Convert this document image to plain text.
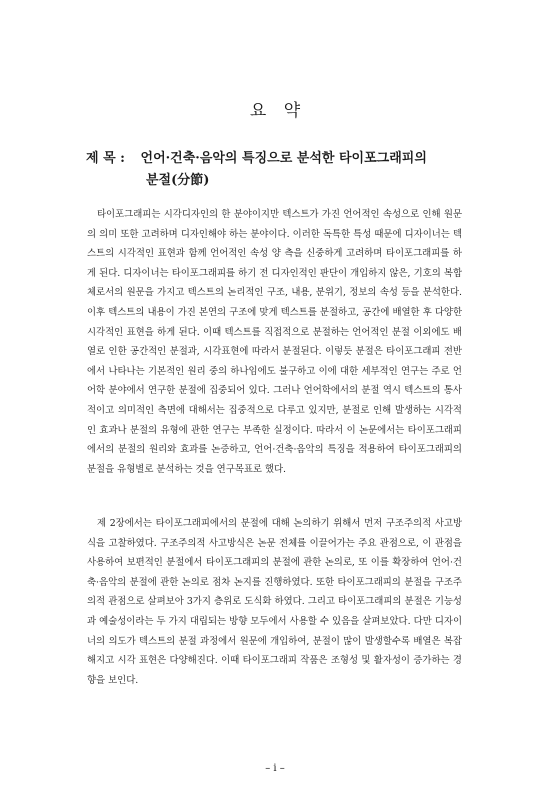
요 약
제 목 : 언어·건축·음악의 특징으로 분석한 타이포그래피의
분절(分節)

타이포그래피는 시각디자인의 한 분야이지만 텍스트가 가진 언어적인 속성으로 인해 원문의 의미 또한 고려하며 디자인해야 하는 분야이다. 이러한 독특한 특성 때문에 디자이너는 텍스트의 시각적인 표현과 함께 언어적인 속성 양 측을 신중하게 고려하며 타이포그래피를 하게 된다. 디자이너는 타이포그래피를 하기 전 디자인적인 판단이 개입하지 않은, 기호의 복합체로서의 원문을 가지고 텍스트의 논리적인 구조, 내용, 분위기, 정보의 속성 등을 분석한다. 이후 텍스트의 내용이 가진 본연의 구조에 맞게 텍스트를 분절하고, 공간에 배열한 후 다양한 시각적인 표현을 하게 된다. 이때 텍스트를 직접적으로 분절하는 언어적인 분절 이외에도 배열로 인한 공간적인 분절과, 시각표현에 따라서 분절된다. 이렇듯 분절은 타이포그래피 전반에서 나타나는 기본적인 원리 중의 하나임에도 불구하고 이에 대한 세부적인 연구는 주로 언어학 분야에서 연구한 분절에 집중되어 있다. 그러나 언어학에서의 분절 역시 텍스트의 통사적이고 의미적인 측면에 대해서는 집중적으로 다루고 있지만, 분절로 인해 발생하는 시각적인 효과나 분절의 유형에 관한 연구는 부족한 실정이다. 따라서 이 논문에서는 타이포그래피에서의 분절의 원리와 효과를 논증하고, 언어·건축·음악의 특징을 적용하여 타이포그래피의 분절을 유형별로 분석하는 것을 연구목표로 했다.

제 2장에서는 타이포그래피에서의 분절에 대해 논의하기 위해서 먼저 구조주의적 사고방식을 고찰하였다. 구조주의적 사고방식은 논문 전체를 이끌어가는 주요 관점으로, 이 관점을 사용하여 보편적인 분절에서 타이포그래피의 분절에 관한 논의로, 또 이를 확장하여 언어·건축·음악의 분절에 관한 논의로 점차 논지를 진행하였다. 또한 타이포그래피의 분절을 구조주의적 관점으로 살펴보아 3가지 층위로 도식화 하였다. 그리고 타이포그래피의 분절은 기능성과 예술성이라는 두 가지 대립되는 방향 모두에서 사용할 수 있음을 살펴보았다. 다만 디자이너의 의도가 텍스트의 분절 과정에서 원문에 개입하여, 분절이 많이 발생할수록 배열은 복잡해지고 시각 표현은 다양해진다. 이때 타이포그래피 작품은 조형성 및 활자성이 증가하는 경향을 보인다.

– i –
